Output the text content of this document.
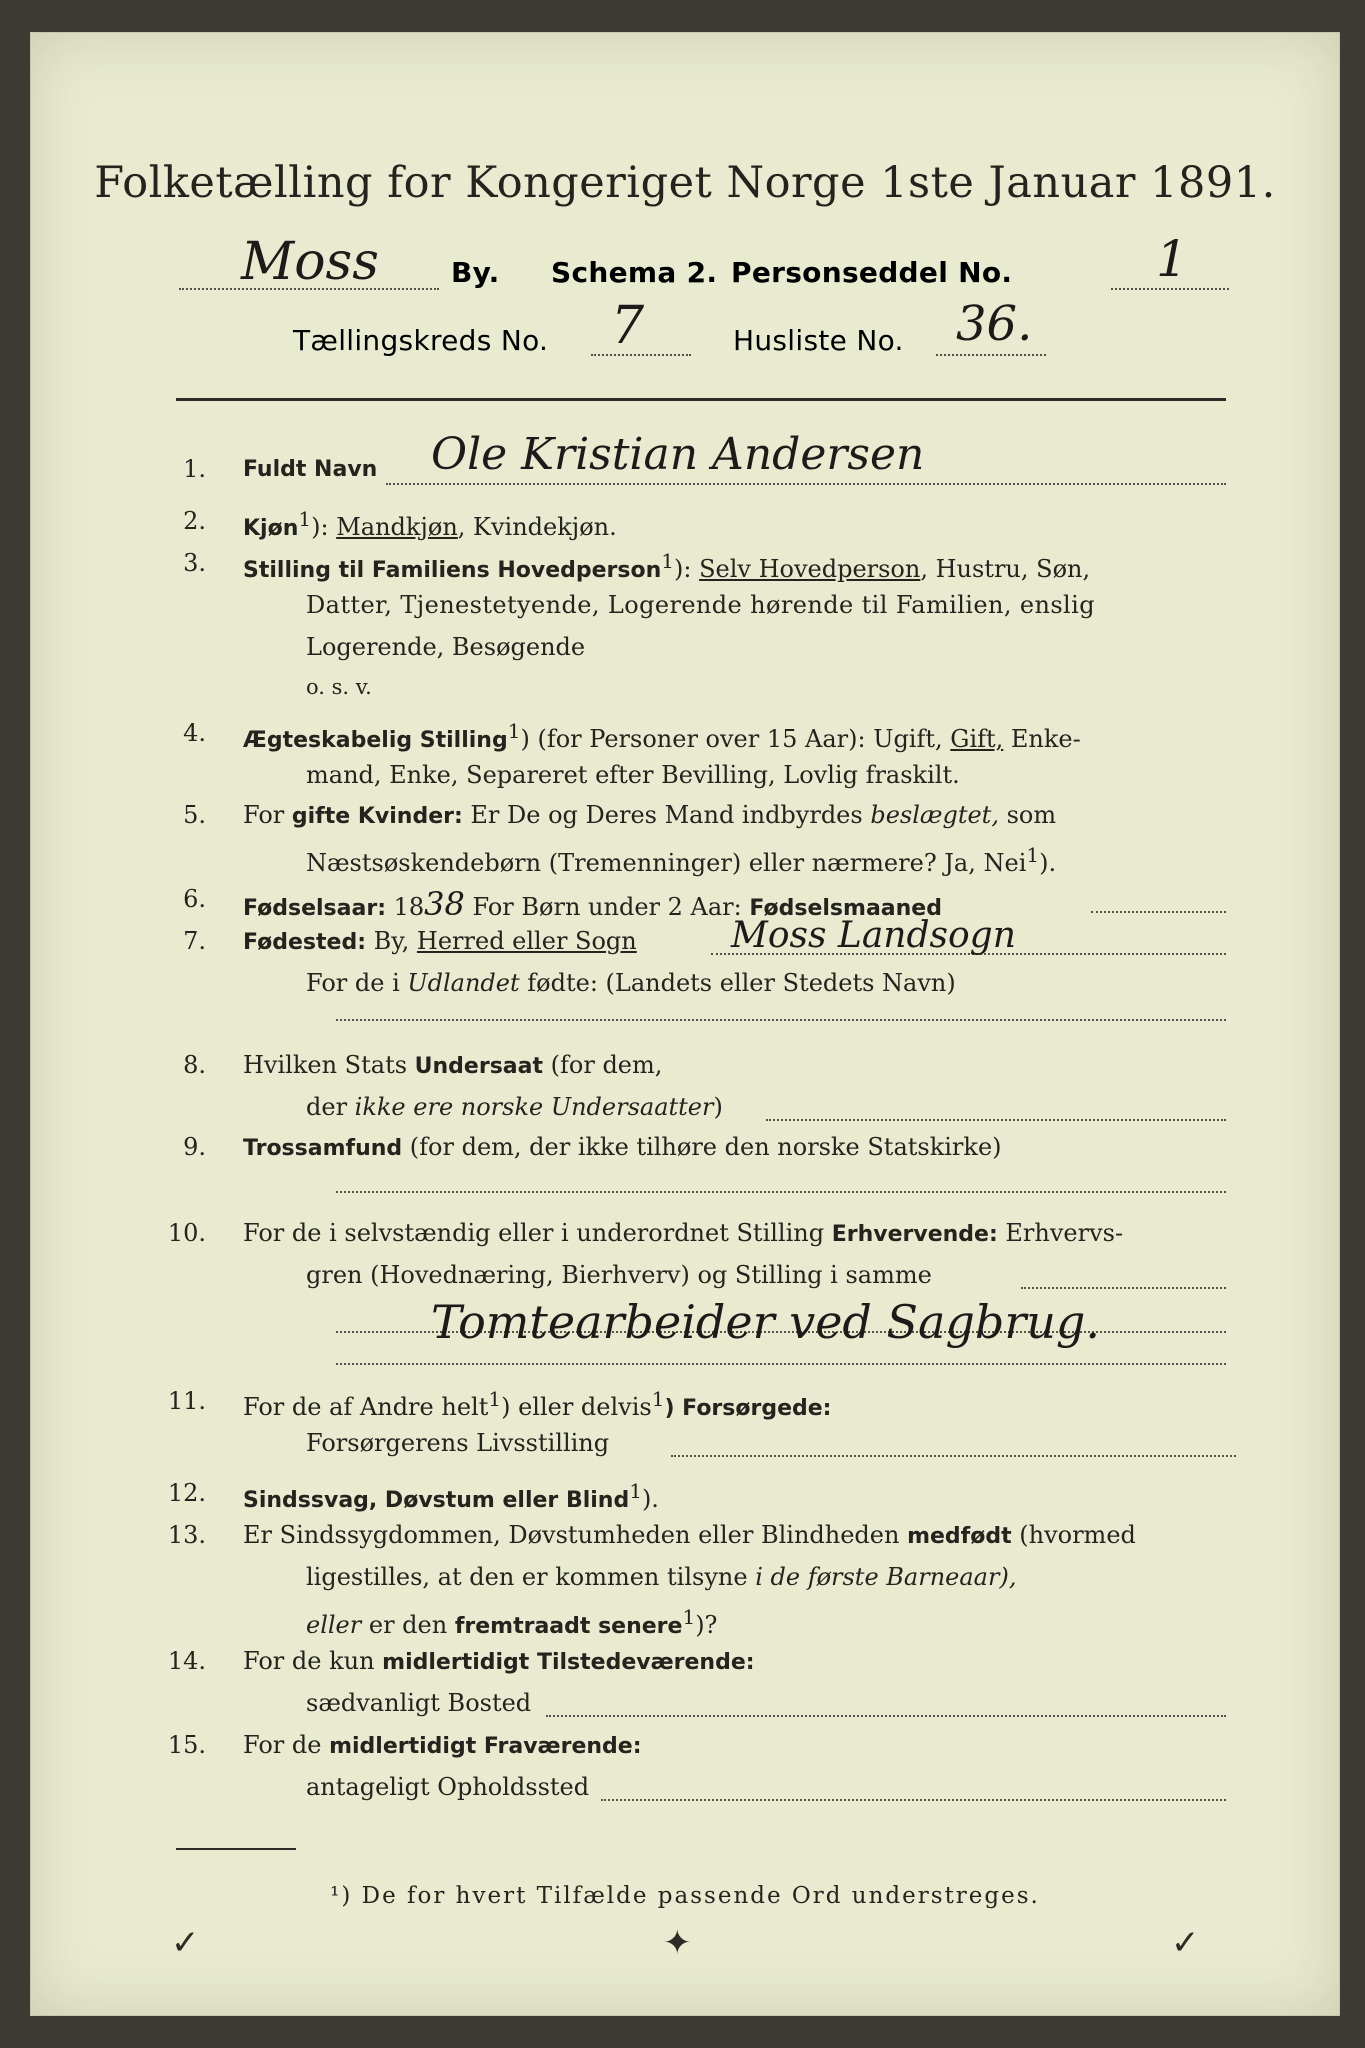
Folketælling for Kongeriget Norge 1ste Januar 1891.
Moss	By. Schema 2. Personseddel No.	1
Tællingskreds No. 7	Husliste No. 36.
1. Fuldt Navn Ole Kristian Andersen
2. Kjøn$^1$): Mandkjøn, Kvindekjøn.
3. Stilling til Familiens Hovedperson$^1$): Selv Hovedperson, Hustru, Søn,
Datter, Tjenestetyende, Logerende hørende til Familien, enslig
Logerende, Besøgende
o. s. v.
4. Ægteskabelig Stilling$^1$) (for Personer over 15 Aar): Ugift, Gift, Enke-
mand, Enke, Separeret efter Bevilling, Lovlig fraskilt.
5. For gifte Kvinder: Er De og Deres Mand indbyrdes beslægtet, som
Næstsøskendebørn (Tremenninger) eller nærmere? Ja, Nei$^1$).
6. Fødselsaar: 1838 For Børn under 2 Aar: Fødselsmaaned
7. Fødested: By, Herred eller Sogn	Moss Landsogn
For de i Udlandet fødte: (Landets eller Stedets Navn)
8. Hvilken Stats Undersaat (for dem,
der ikke ere norske Undersaatter)
9. Trossamfund (for dem, der ikke tilhøre den norske Statskirke)
10. For de i selvstændig eller i underordnet Stilling Erhvervende: Erhvervs-
gren (Hovednæring, Bierhverv) og Stilling i samme
Tomtearbeider ved Sagbrug.
11. For de af Andre helt$^1$) eller delvis$^1$) Forsørgede:
Forsørgerens Livsstilling
12. Sindssvag, Døvstum eller Blind$^1$).
13. Er Sindssygdommen, Døvstumheden eller Blindheden medfødt (hvormed
ligestilles, at den er kommen tilsyne i de første Barneaar),
eller er den fremtraadt senere$^1$)?
14. For de kun midlertidigt Tilstedeværende:
sædvanligt Bosted
15. For de midlertidigt Fraværende:
antageligt Opholdssted
¹) De for hvert Tilfælde passende Ord understreges.
✓	✦	✓
